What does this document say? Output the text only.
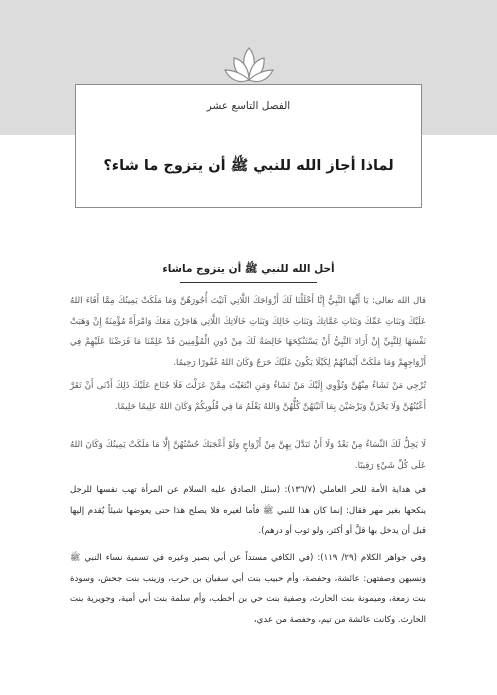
الفصل التاسع عشر
لماذا أجاز الله للنبي ﷺ أن يتزوج ما شاء؟
أحل الله للنبي ﷺ أن يتزوج ماشاء
قال الله تعالى: يَا أَيُّهَا النَّبِيُّ إِنَّا أَحْلَلْنَا لَكَ أَزْوَاجَكَ اللَّاتِي آتَيْتَ أُجُورَهُنَّ وَمَا مَلَكَتْ يَمِينُكَ مِمَّا أَفَاءَ اللهُ عَلَيْكَ وَبَنَاتِ عَمِّكَ وَبَنَاتِ عَمَّاتِكَ وَبَنَاتِ خَالِكَ وَبَنَاتِ خَالَاتِكَ اللَّاتِي هَاجَرْنَ مَعَكَ وَامْرَأَةً مُؤْمِنَةً إِنْ وَهَبَتْ نَفْسَهَا لِلنَّبِيِّ إِنْ أَرَادَ النَّبِيُّ أَنْ يَسْتَنْكِحَهَا خَالِصَةً لَكَ مِنْ دُونِ الْمُؤْمِنِينَ قَدْ عَلِمْنَا مَا فَرَضْنَا عَلَيْهِمْ فِي أَزْوَاجِهِمْ وَمَا مَلَكَتْ أَيْمَانُهُمْ لِكَيْلَا يَكُونَ عَلَيْكَ حَرَجٌ وَكَانَ اللهُ غَفُورًا رَحِيمًا.
تُرْجِي مَنْ تَشَاءُ مِنْهُنَّ وَتُؤْوِي إِلَيْكَ مَنْ تَشَاءُ وَمَنِ ابْتَغَيْتَ مِمَّنْ عَزَلْتَ فَلَا جُنَاحَ عَلَيْكَ ذَلِكَ أَدْنَى أَنْ تَقَرَّ أَعْيُنُهُنَّ وَلَا يَحْزَنَّ وَيَرْضَيْنَ بِمَا آتَيْتَهُنَّ كُلُّهُنَّ وَاللهُ يَعْلَمُ مَا فِي قُلُوبِكُمْ وَكَانَ اللهُ عَلِيمًا حَلِيمًا.
لَا يَحِلُّ لَكَ النِّسَاءُ مِنْ بَعْدُ وَلَا أَنْ تَبَدَّلَ بِهِنَّ مِنْ أَزْوَاجٍ وَلَوْ أَعْجَبَكَ حُسْنُهُنَّ إِلَّا مَا مَلَكَتْ يَمِينُكَ وَكَانَ اللهُ عَلَى كُلِّ شَيْءٍ رَقِيبًا.
في هداية الأمة للحر العاملي (١٣٦/٧): (سئل الصادق عليه السلام عن المرأة تهب نفسها للرجل ينكحها بغير مهر فقال: إنما كان هذا للنبي ﷺ فأما لغيره فلا يصلح هذا حتى يعوضها شيئاً يُقدم إليها قبل أن يدخل بها قلَّ أو أكثر، ولو ثوب أو درهم).
وفي جواهر الكلام (٢٩/ ١١٩): (في الكافي مسنداً عن أبي بصير وغيره في تسمية نساء النبي ﷺ ونسبهن وصفتهن: عائشة، وحفصة، وأم حبيب بنت أبي سفيان بن حرب، وزينب بنت جحش، وسودة بنت زمعة، وميمونة بنت الحارث، وصفية بنت حي بن أخطب، وأم سلمة بنت أبي أمية، وجويرية بنت الحارث. وكانت عائشة من تيم، وحفصة من عدي،
